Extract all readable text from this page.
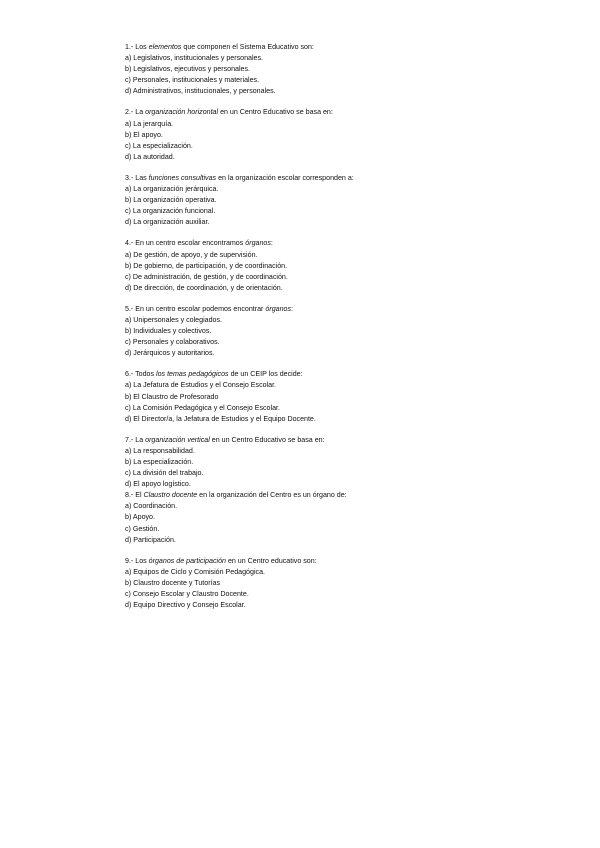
1.- Los elementos que componen el Sistema Educativo son:
a) Legislativos, institucionales y personales.
b) Legislativos, ejecutivos y personales.
c) Personales, institucionales y materiales.
d) Administrativos, institucionales, y personales.
2.- La organización horizontal en un Centro Educativo se basa en:
a) La jerarquía.
b) El apoyo.
c) La especialización.
d) La autoridad.
3.- Las funciones consultivas en la organización escolar corresponden a:
a) La organización jerárquica.
b) La organización operativa.
c) La organización funcional.
d) La organización auxiliar.
4.- En un centro escolar encontramos órganos:
a) De gestión, de apoyo, y de supervisión.
b) De gobierno, de participación, y de coordinación.
c) De administración, de gestión, y de coordinación.
d) De dirección, de coordinación, y de orientación.
5.- En un centro escolar podemos encontrar órganos:
a) Unipersonales y colegiados.
b) Individuales y colectivos.
c) Personales y colaborativos.
d) Jerárquicos y autoritarios.
6.- Todos los temas pedagógicos de un CEIP los decide:
a) La Jefatura de Estudios y el Consejo Escolar.
b) El Claustro de Profesorado
c) La Comisión Pedagógica y el Consejo Escolar.
d) El Director/a, la Jefatura de Estudios y el Equipo Docente.
7.- La organización vertical en un Centro Educativo se basa en:
a) La responsabilidad.
b) La especialización.
c) La división del trabajo.
d) El apoyo logístico.
8.- El Claustro docente en la organización del Centro es un órgano de:
a) Coordinación.
b) Apoyo.
c) Gestión.
d) Participación.
9.- Los órganos de participación en un Centro educativo son:
a) Equipos de Ciclo y Comisión Pedagógica.
b) Claustro docente y Tutorías
c) Consejo Escolar y Claustro Docente.
d) Equipo Directivo y Consejo Escolar.
